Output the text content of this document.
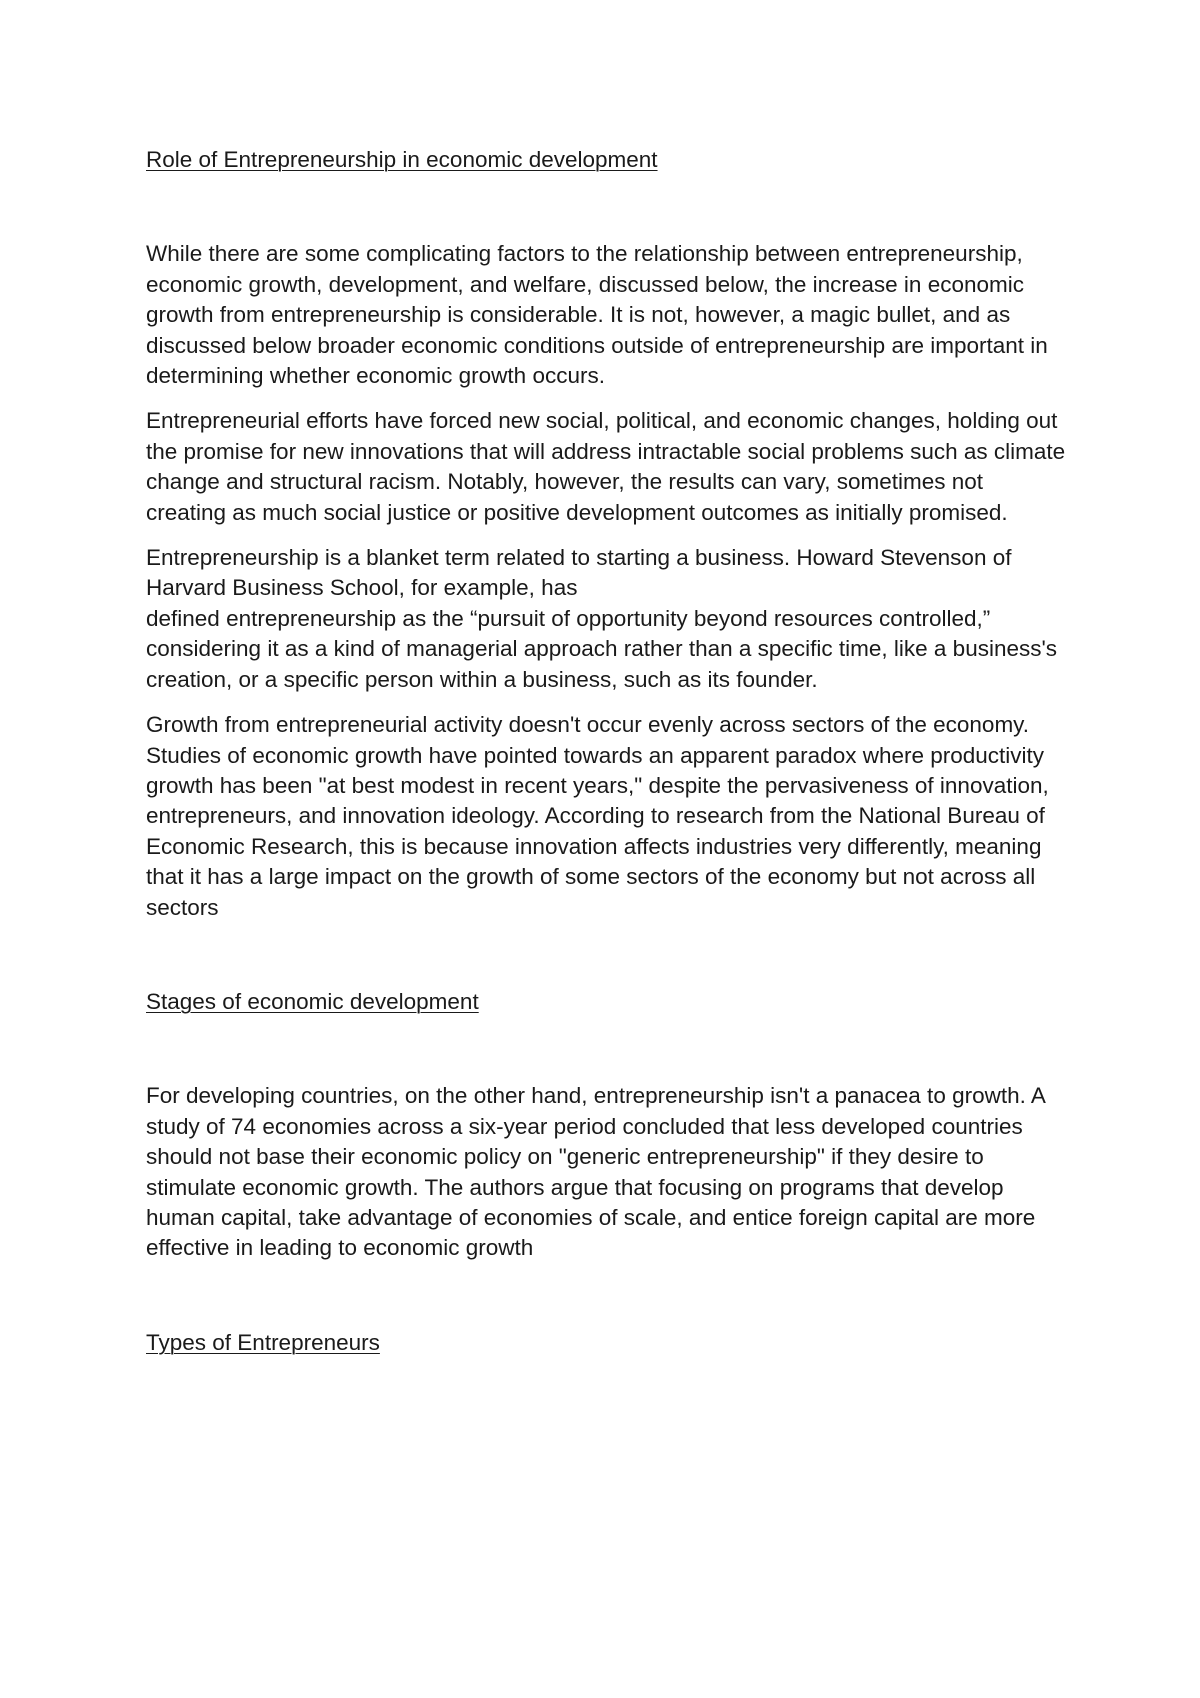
Role of Entrepreneurship in economic development

While there are some complicating factors to the relationship between entrepreneurship, economic growth, development, and welfare, discussed below, the increase in economic growth from entrepreneurship is considerable. It is not, however, a magic bullet, and as discussed below broader economic conditions outside of entrepreneurship are important in determining whether economic growth occurs.

Entrepreneurial efforts have forced new social, political, and economic changes, holding out the promise for new innovations that will address intractable social problems such as climate change and structural racism. Notably, however, the results can vary, sometimes not creating as much social justice or positive development outcomes as initially promised.

Entrepreneurship is a blanket term related to starting a business. Howard Stevenson of Harvard Business School, for example, has

defined entrepreneurship as the “pursuit of opportunity beyond resources controlled,” considering it as a kind of managerial approach rather than a specific time, like a business's creation, or a specific person within a business, such as its founder.

Growth from entrepreneurial activity doesn't occur evenly across sectors of the economy. Studies of economic growth have pointed towards an apparent paradox where productivity growth has been "at best modest in recent years," despite the pervasiveness of innovation, entrepreneurs, and innovation ideology. According to research from the National Bureau of Economic Research, this is because innovation affects industries very differently, meaning that it has a large impact on the growth of some sectors of the economy but not across all sectors

Stages of economic development

For developing countries, on the other hand, entrepreneurship isn't a panacea to growth. A study of 74 economies across a six-year period concluded that less developed countries should not base their economic policy on "generic entrepreneurship" if they desire to stimulate economic growth. The authors argue that focusing on programs that develop human capital, take advantage of economies of scale, and entice foreign capital are more effective in leading to economic growth

Types of Entrepreneurs
